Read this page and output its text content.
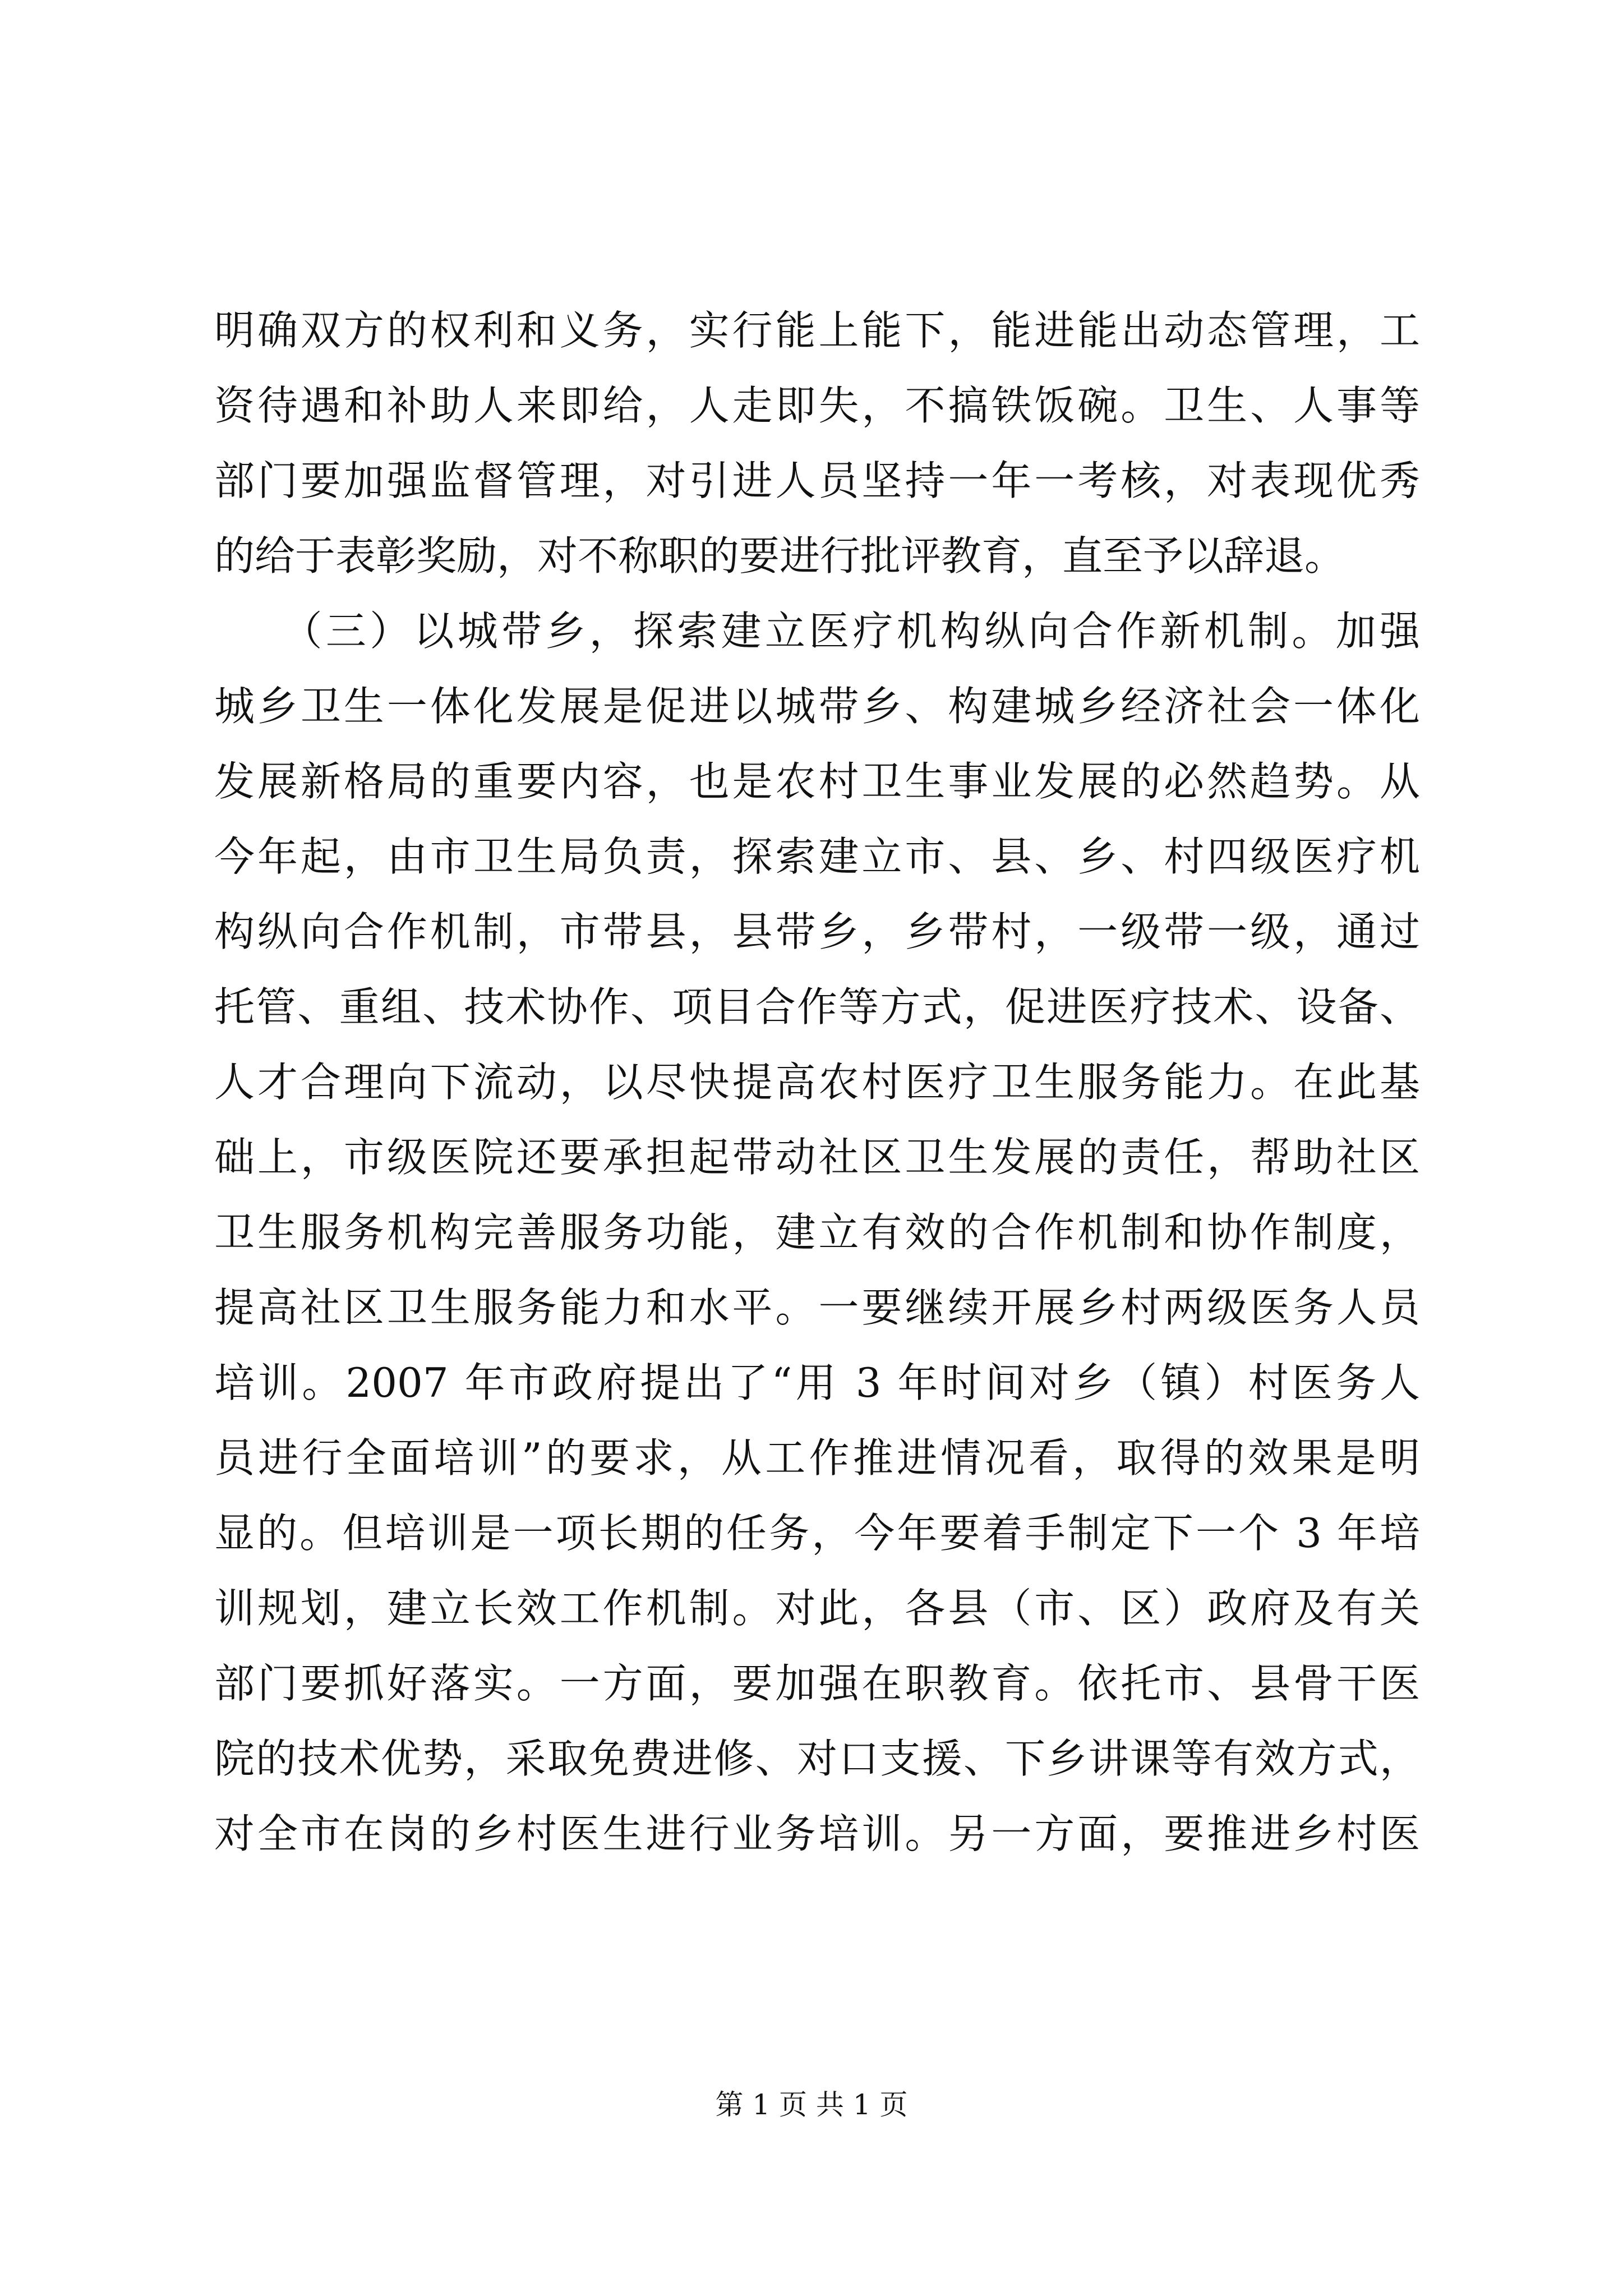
明确双方的权利和义务，实行能上能下，能进能出动态管理，工
资待遇和补助人来即给，人走即失，不搞铁饭碗。卫生、人事等
部门要加强监督管理，对引进人员坚持一年一考核，对表现优秀
的给于表彰奖励，对不称职的要进行批评教育，直至予以辞退。
　　（三）以城带乡，探索建立医疗机构纵向合作新机制。加强
城乡卫生一体化发展是促进以城带乡、构建城乡经济社会一体化
发展新格局的重要内容，也是农村卫生事业发展的必然趋势。从
今年起，由市卫生局负责，探索建立市、县、乡、村四级医疗机
构纵向合作机制，市带县，县带乡，乡带村，一级带一级，通过
托管、重组、技术协作、项目合作等方式，促进医疗技术、设备、
人才合理向下流动，以尽快提高农村医疗卫生服务能力。在此基
础上，市级医院还要承担起带动社区卫生发展的责任，帮助社区
卫生服务机构完善服务功能，建立有效的合作机制和协作制度，
提高社区卫生服务能力和水平。一要继续开展乡村两级医务人员
培训。2007 年市政府提出了“用 3 年时间对乡（镇）村医务人
员进行全面培训”的要求，从工作推进情况看，取得的效果是明
显的。但培训是一项长期的任务，今年要着手制定下一个 3 年培
训规划，建立长效工作机制。对此，各县（市、区）政府及有关
部门要抓好落实。一方面，要加强在职教育。依托市、县骨干医
院的技术优势，采取免费进修、对口支援、下乡讲课等有效方式，
对全市在岗的乡村医生进行业务培训。另一方面，要推进乡村医
第 1 页 共 1 页
